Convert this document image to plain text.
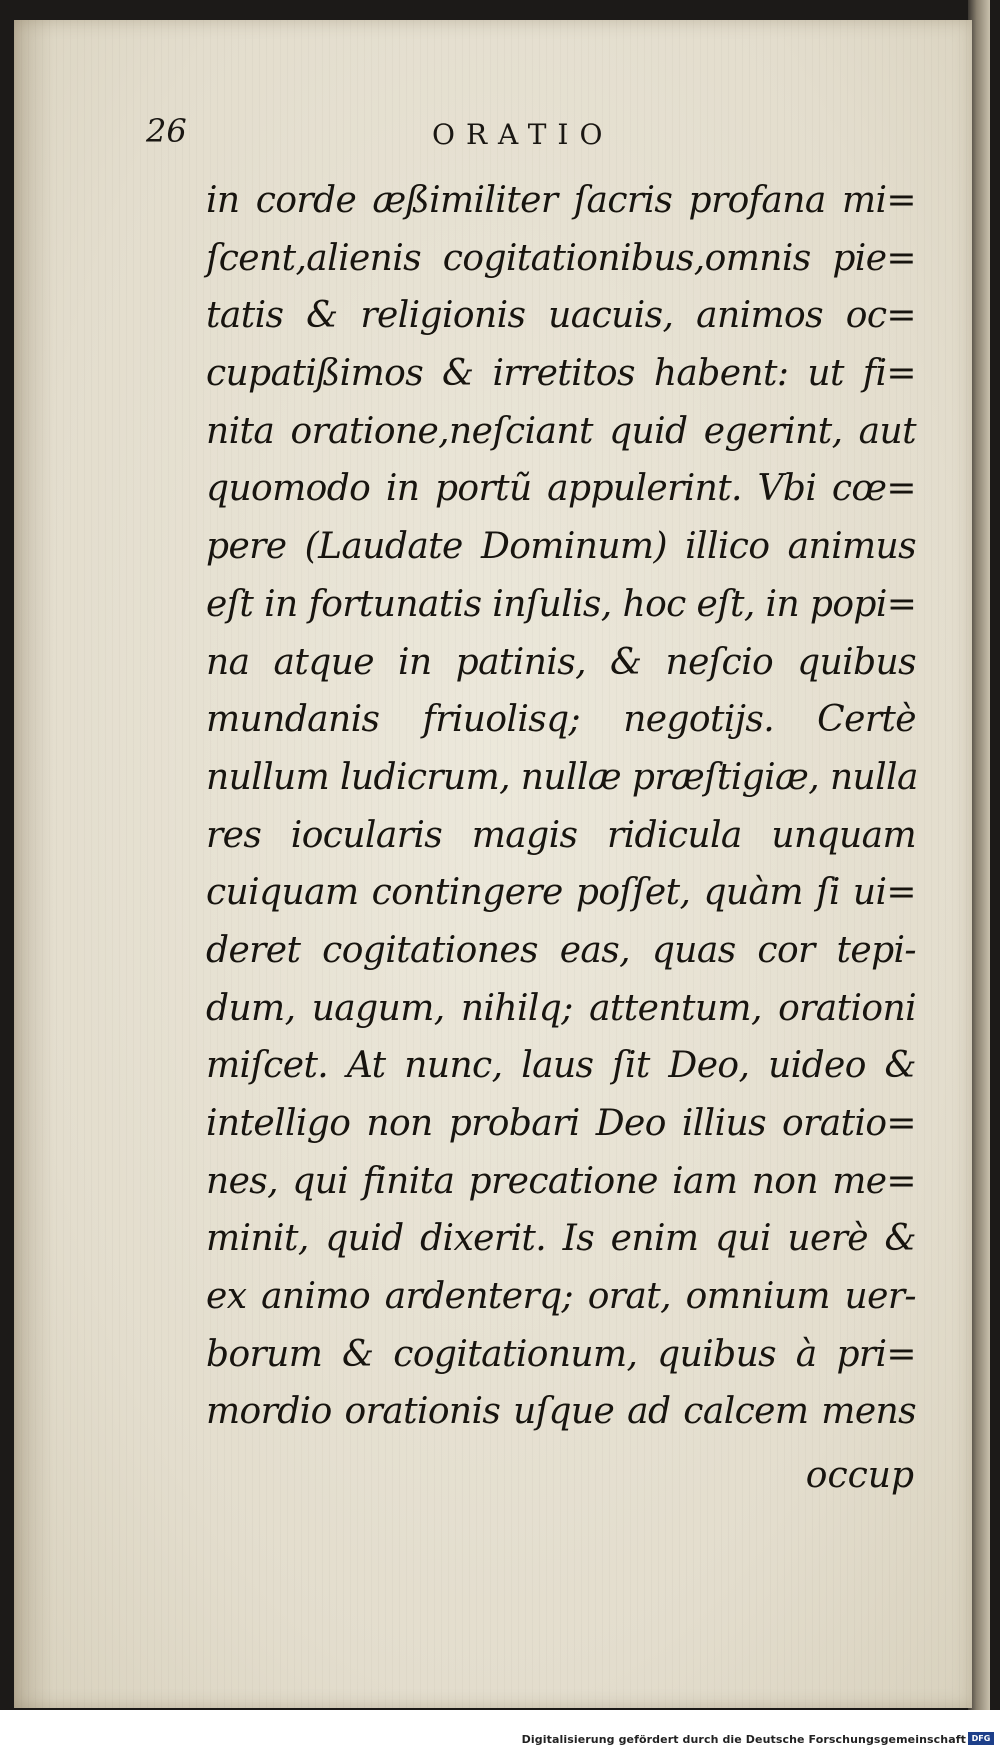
26	ORATIO
in corde æßimiliter ſacris profana mi=
ſcent,alienis cogitationibus,omnis pie=
tatis & religionis uacuis, animos oc=
cupatißimos & irretitos habent: ut fi=
nita oratione,neſciant quid egerint, aut
quomodo in portũ appulerint. Vbi cœ=
pere (Laudate Dominum) illico animus
eſt in fortunatis inſulis, hoc eſt, in popi=
na atque in patinis, & neſcio quibus
mundanis friuolisq; negotijs. Certè
nullum ludicrum, nullæ præſtigiæ, nulla
res iocularis magis ridicula unquam
cuiquam contingere poſſet, quàm ſi ui=
deret cogitationes eas, quas cor tepi-
dum, uagum, nihilq; attentum, orationi
miſcet. At nunc, laus ſit Deo, uideo &
intelligo non probari Deo illius oratio=
nes, qui finita precatione iam non me=
minit, quid dixerit. Is enim qui uerè &
ex animo ardenterq; orat, omnium uer-
borum & cogitationum, quibus à pri=
mordio orationis uſque ad calcem mens
occup
Digitalisierung gefördert durch die Deutsche Forschungsgemeinschaft DFG
